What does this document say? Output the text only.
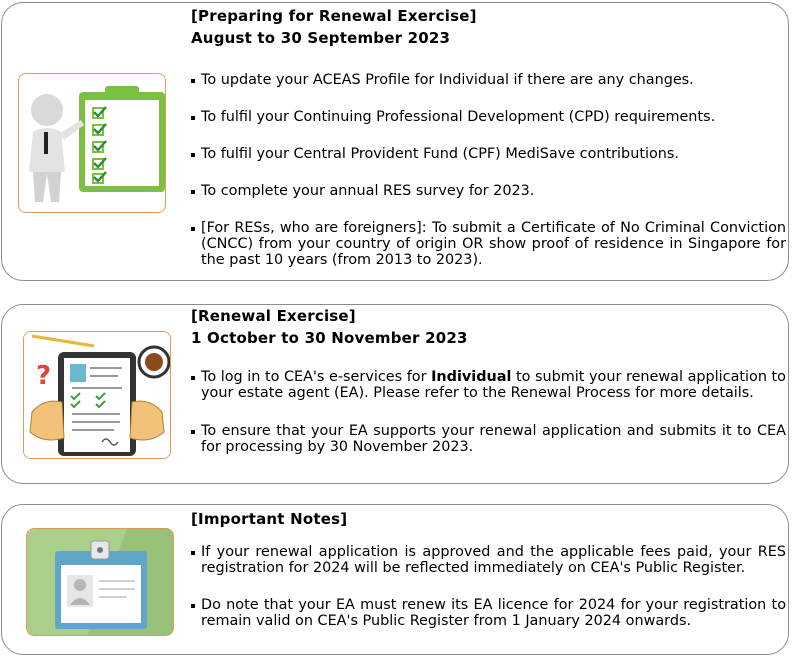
[Preparing for Renewal Exercise]
August to 30 September 2023
To update your ACEAS Profile for Individual if there are any changes.
To fulfil your Continuing Professional Development (CPD) requirements.
To fulfil your Central Provident Fund (CPF) MediSave contributions.
To complete your annual RES survey for 2023.
[For RESs, who are foreigners]: To submit a Certificate of No Criminal Conviction (CNCC) from your country of origin OR show proof of residence in Singapore for the past 10 years (from 2013 to 2023).
?
[Renewal Exercise]
1 October to 30 November 2023
To log in to CEA's e-services for Individual to submit your renewal application to your estate agent (EA). Please refer to the Renewal Process for more details.
To ensure that your EA supports your renewal application and submits it to CEA for processing by 30 November 2023.
[Important Notes]
If your renewal application is approved and the applicable fees paid, your RES registration for 2024 will be reflected immediately on CEA's Public Register.
Do note that your EA must renew its EA licence for 2024 for your registration to remain valid on CEA's Public Register from 1 January 2024 onwards.
